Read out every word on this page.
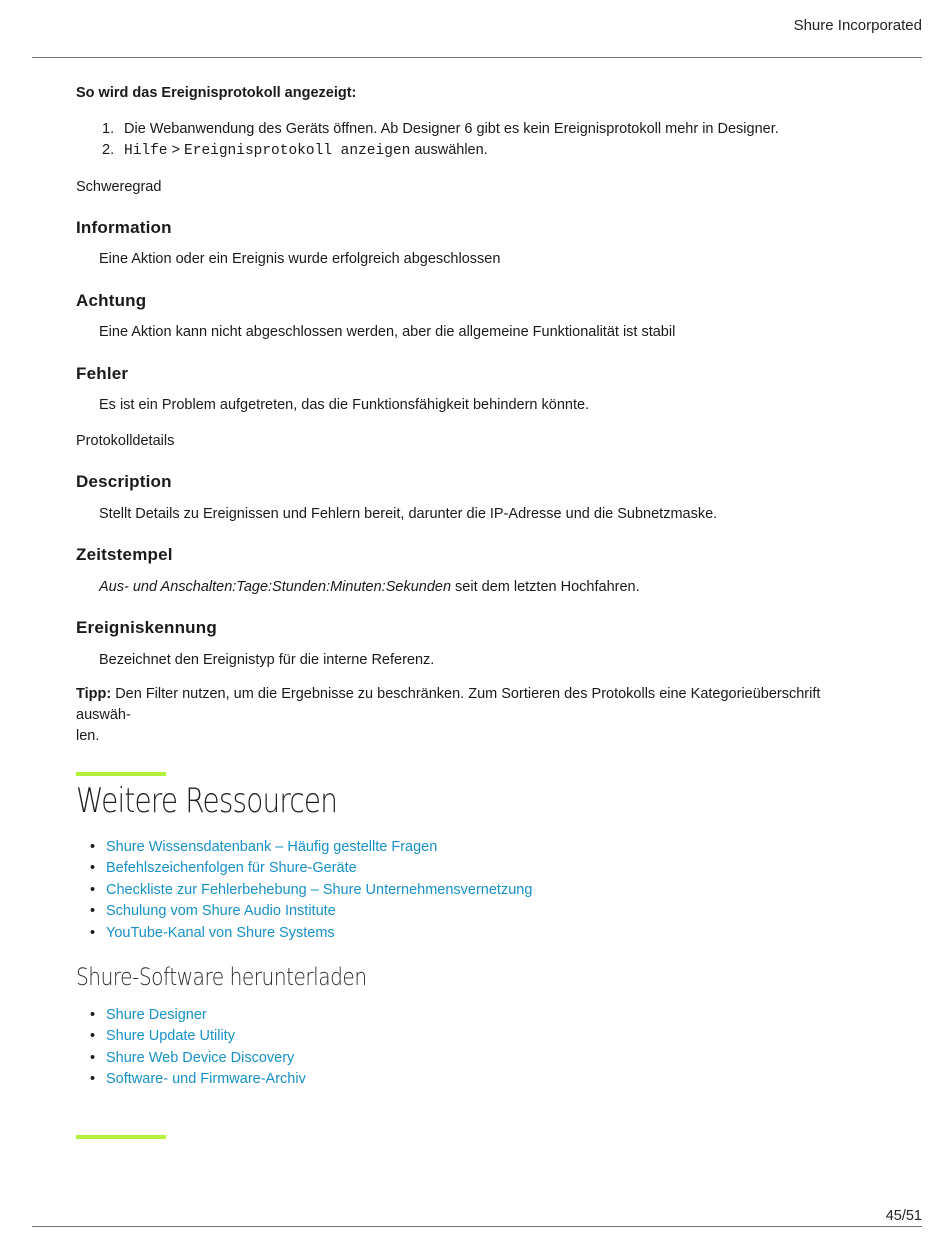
Shure Incorporated
So wird das Ereignisprotokoll angezeigt:
1. Die Webanwendung des Geräts öffnen. Ab Designer 6 gibt es kein Ereignisprotokoll mehr in Designer.
2. Hilfe > Ereignisprotokoll anzeigen auswählen.
Schweregrad
Information
Eine Aktion oder ein Ereignis wurde erfolgreich abgeschlossen
Achtung
Eine Aktion kann nicht abgeschlossen werden, aber die allgemeine Funktionalität ist stabil
Fehler
Es ist ein Problem aufgetreten, das die Funktionsfähigkeit behindern könnte.
Protokolldetails
Description
Stellt Details zu Ereignissen und Fehlern bereit, darunter die IP-Adresse und die Subnetzmaske.
Zeitstempel
Aus- und Anschalten:Tage:Stunden:Minuten:Sekunden seit dem letzten Hochfahren.
Ereigniskennung
Bezeichnet den Ereignistyp für die interne Referenz.
Tipp: Den Filter nutzen, um die Ergebnisse zu beschränken. Zum Sortieren des Protokolls eine Kategorieüberschrift auswäh-
len.
Weitere Ressourcen
• Shure Wissensdatenbank – Häufig gestellte Fragen
• Befehlszeichenfolgen für Shure-Geräte
• Checkliste zur Fehlerbehebung – Shure Unternehmensvernetzung
• Schulung vom Shure Audio Institute
• YouTube-Kanal von Shure Systems
Shure-Software herunterladen
• Shure Designer
• Shure Update Utility
• Shure Web Device Discovery
• Software- und Firmware-Archiv
45/51
